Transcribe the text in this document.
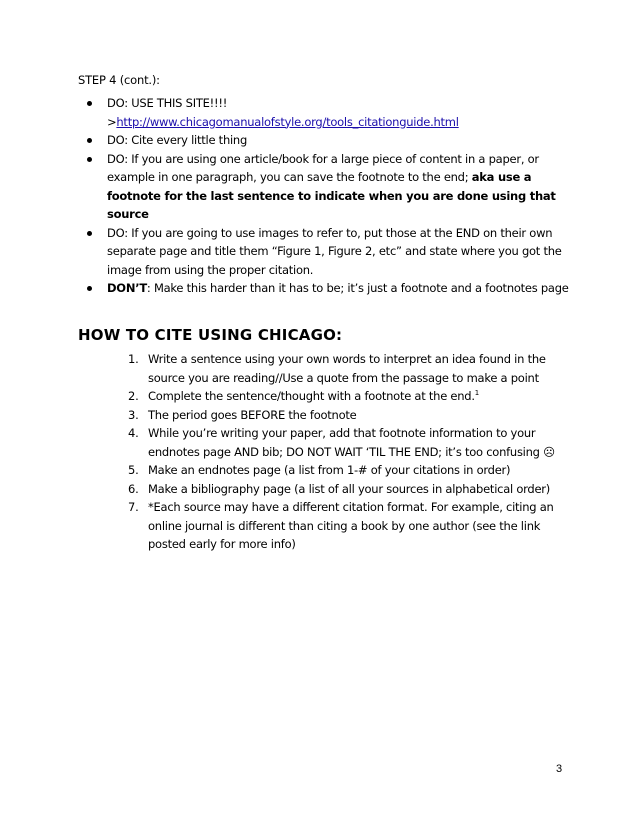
STEP 4 (cont.):
DO: USE THIS SITE!!!!
>http://www.chicagomanualofstyle.org/tools_citationguide.html
DO: Cite every little thing
DO: If you are using one article/book for a large piece of content in a paper, or example in one paragraph, you can save the footnote to the end; aka use a footnote for the last sentence to indicate when you are done using that source
DO: If you are going to use images to refer to, put those at the END on their own separate page and title them “Figure 1, Figure 2, etc” and state where you got the image from using the proper citation.
DON’T: Make this harder than it has to be; it’s just a footnote and a footnotes page
HOW TO CITE USING CHICAGO:
1. Write a sentence using your own words to interpret an idea found in the source you are reading//Use a quote from the passage to make a point
2. Complete the sentence/thought with a footnote at the end.$^1$
3. The period goes BEFORE the footnote
4. While you’re writing your paper, add that footnote information to your endnotes page AND bib; DO NOT WAIT ‘TIL THE END; it’s too confusing ☹
5. Make an endnotes page (a list from 1-# of your citations in order)
6. Make a bibliography page (a list of all your sources in alphabetical order)
7. *Each source may have a different citation format. For example, citing an online journal is different than citing a book by one author (see the link posted early for more info)
3
